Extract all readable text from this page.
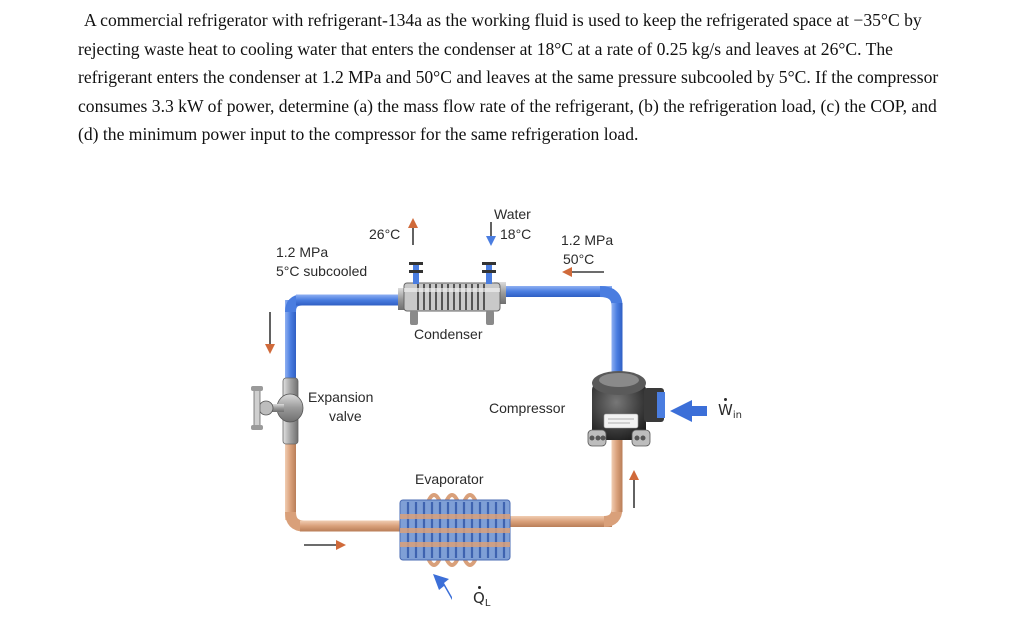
A commercial refrigerator with refrigerant-134a as the working fluid is used to keep the refrigerated space at −35°C by rejecting waste heat to cooling water that enters the condenser at 18°C at a rate of 0.25 kg/s and leaves at 26°C. The refrigerant enters the condenser at 1.2 MPa and 50°C and leaves at the same pressure subcooled by 5°C. If the compressor consumes 3.3 kW of power, determine (a) the mass flow rate of the refrigerant, (b) the refrigeration load, (c) the COP, and (d) the minimum power input to the compressor for the same refrigeration load.

Water
18°C
26°C	1.2 MPa
50°C
1.2 MPa
5°C subcooled
Condenser
Expansion
valve	Compressor
Evaporator
$W_{in}$
$Q_L$
